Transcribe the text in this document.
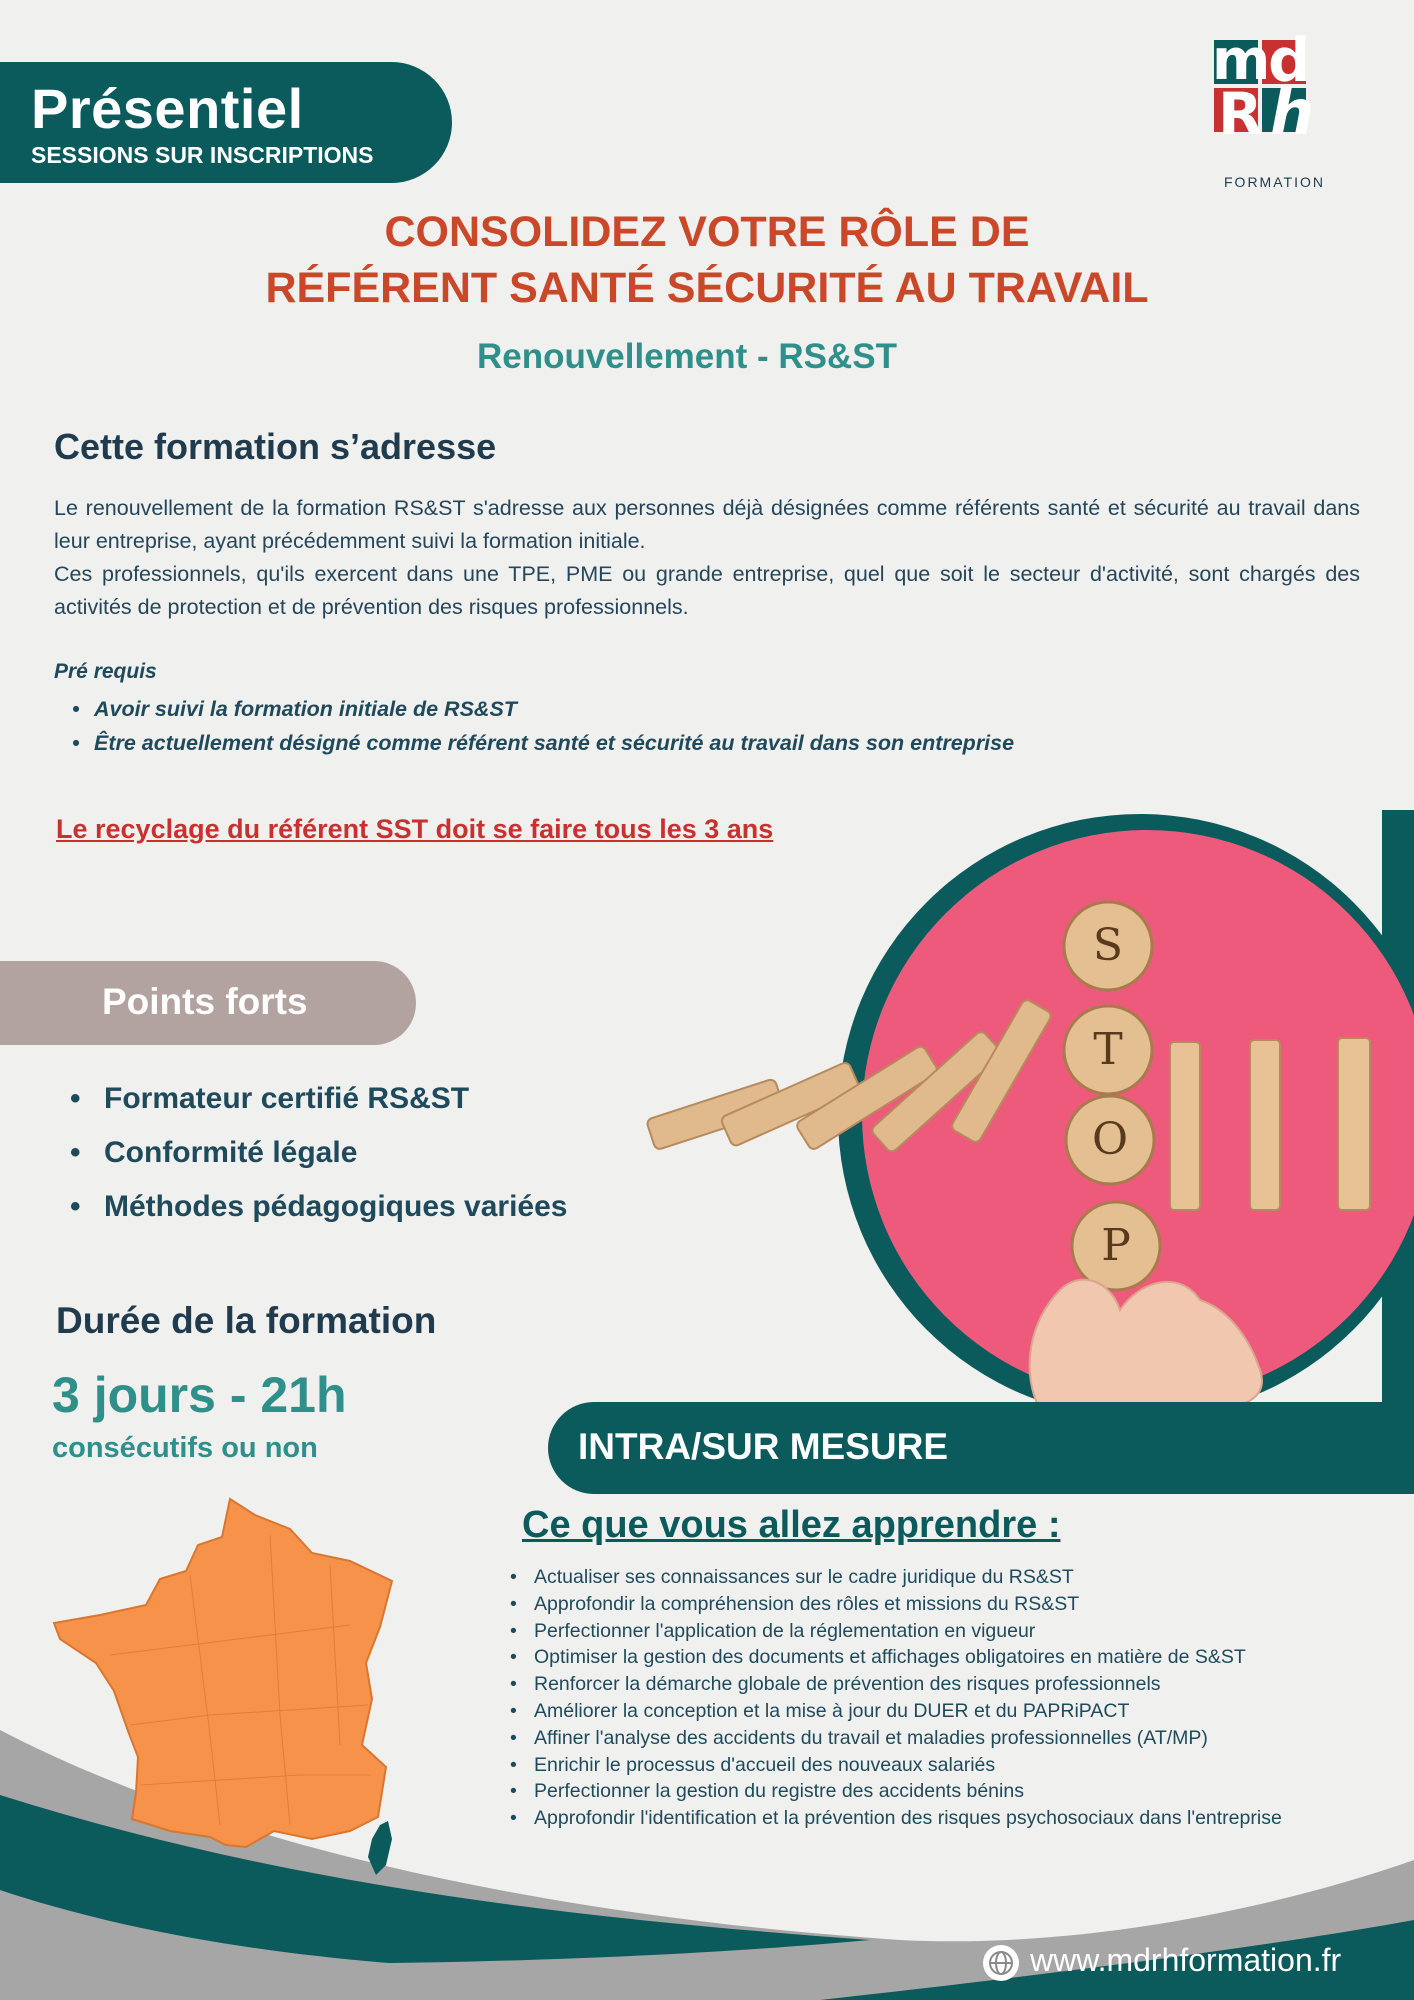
Présentiel
SESSIONS SUR INSCRIPTIONS
m
d
R h
FORMATION
CONSOLIDEZ VOTRE RÔLE DE
RÉFÉRENT SANTÉ SÉCURITÉ AU TRAVAIL
Renouvellement - RS&ST
Cette formation s’adresse
Le renouvellement de la formation RS&ST s'adresse aux personnes déjà désignées comme référents santé et sécurité au travail dans leur entreprise, ayant précédemment suivi la formation initiale.
Ces professionnels, qu'ils exercent dans une TPE, PME ou grande entreprise, quel que soit le secteur d'activité, sont chargés des activités de protection et de prévention des risques professionnels.
Pré requis
• Avoir suivi la formation initiale de RS&ST
• Être actuellement désigné comme référent santé et sécurité au travail dans son entreprise
Le recyclage du référent SST doit se faire tous les 3 ans
S
T
O
P
Points forts
• Formateur certifié RS&ST
• Conformité légale
• Méthodes pédagogiques variées
Durée de la formation
3 jours - 21h
consécutifs ou non	INTRA/SUR MESURE
Ce que vous allez apprendre :
• Actualiser ses connaissances sur le cadre juridique du RS&ST
• Approfondir la compréhension des rôles et missions du RS&ST
• Perfectionner l'application de la réglementation en vigueur
• Optimiser la gestion des documents et affichages obligatoires en matière de S&ST
• Renforcer la démarche globale de prévention des risques professionnels
• Améliorer la conception et la mise à jour du DUER et du PAPRiPACT
• Affiner l'analyse des accidents du travail et maladies professionnelles (AT/MP)
• Enrichir le processus d'accueil des nouveaux salariés
• Perfectionner la gestion du registre des accidents bénins
• Approfondir l'identification et la prévention des risques psychosociaux dans l'entreprise
www.mdrhformation.fr
